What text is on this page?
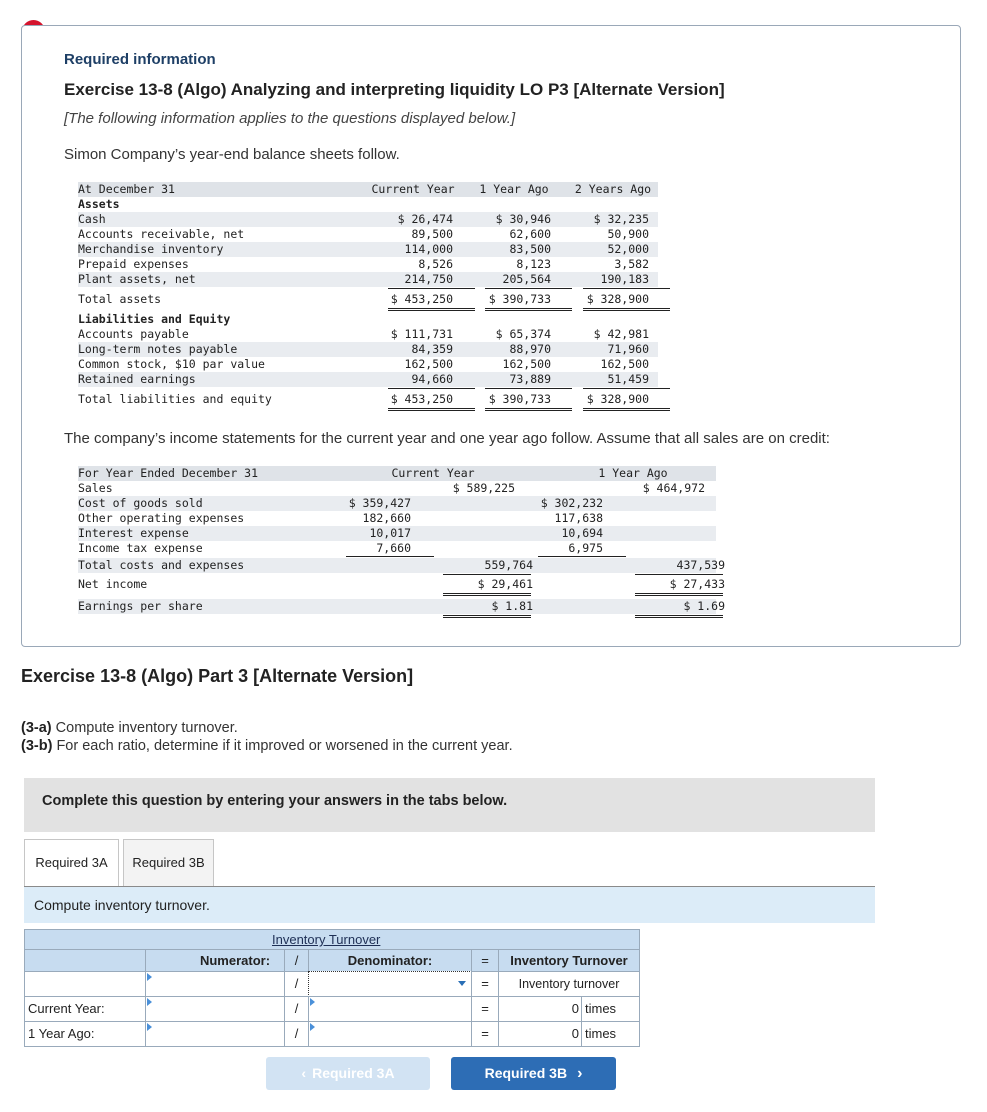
Required information
Exercise 13-8 (Algo) Analyzing and interpreting liquidity LO P3 [Alternate Version]
[The following information applies to the questions displayed below.]
Simon Company’s year-end balance sheets follow.
At December 31	Current Year	1 Year Ago	2 Years Ago
Assets
Cash	$ 26,474	$ 30,946	$ 32,235
Accounts receivable, net	89,500	62,600	50,900
Merchandise inventory	114,000	83,500	52,000
Prepaid expenses	8,526	8,123	3,582
Plant assets, net	214,750	205,564	190,183
Total assets	$ 453,250	$ 390,733	$ 328,900
Liabilities and Equity
Accounts payable	$ 111,731	$ 65,374	$ 42,981
Long-term notes payable	84,359	88,970	71,960
Common stock, $10 par value	162,500	162,500	162,500
Retained earnings	94,660	73,889	51,459
Total liabilities and equity	$ 453,250	$ 390,733	$ 328,900
The company’s income statements for the current year and one year ago follow. Assume that all sales are on credit:
For Year Ended December 31	Current Year	1 Year Ago
Sales	$ 589,225	$ 464,972
Cost of goods sold	$ 359,427	$ 302,232
Other operating expenses	182,660	117,638
Interest expense	10,017	10,694
Income tax expense	7,660	6,975
Total costs and expenses	559,764	437,539
Net income	$ 29,461	$ 27,433
Earnings per share	$ 1.81	$ 1.69
Exercise 13-8 (Algo) Part 3 [Alternate Version]
(3-a) Compute inventory turnover.
(3-b) For each ratio, determine if it improved or worsened in the current year.
Complete this question by entering your answers in the tabs below.
Required 3A	Required 3B
Compute inventory turnover.
Inventory Turnover
Numerator:	/	Denominator:	=	Inventory Turnover
/	=	Inventory turnover
Current Year:	/	=	0 times
1 Year Ago:	/	=	0 times
‹ Required 3A	Required 3B ›
